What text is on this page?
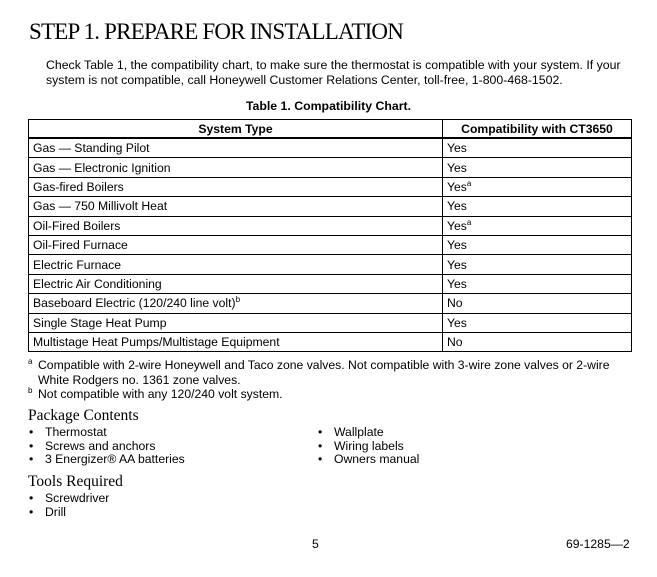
STEP 1. PREPARE FOR INSTALLATION
Check Table 1, the compatibility chart, to make sure the thermostat is compatible with your system. If your system is not compatible, call Honeywell Customer Relations Center, toll-free, 1-800-468-1502.
Table 1. Compatibility Chart.
System Type	Compatibility with CT3650
Gas — Standing Pilot	Yes
Gas — Electronic Ignition	Yes
Gas-fired Boilers	Yes$^a$
Gas — 750 Millivolt Heat	Yes
Oil-Fired Boilers	Yes$^a$
Oil-Fired Furnace	Yes
Electric Furnace	Yes
Electric Air Conditioning	Yes
Baseboard Electric (120/240 line volt)$^b$	No
Single Stage Heat Pump	Yes
Multistage Heat Pumps/Multistage Equipment	No
a Compatible with 2-wire Honeywell and Taco zone valves. Not compatible with 3-wire zone valves or 2-wire White Rodgers no. 1361 zone valves.
b Not compatible with any 120/240 volt system.
Package Contents
• Thermostat
• Screws and anchors
• 3 Energizer® AA batteries
• Wallplate
• Wiring labels
• Owners manual
Tools Required
• Screwdriver
• Drill
5	69-1285—2
